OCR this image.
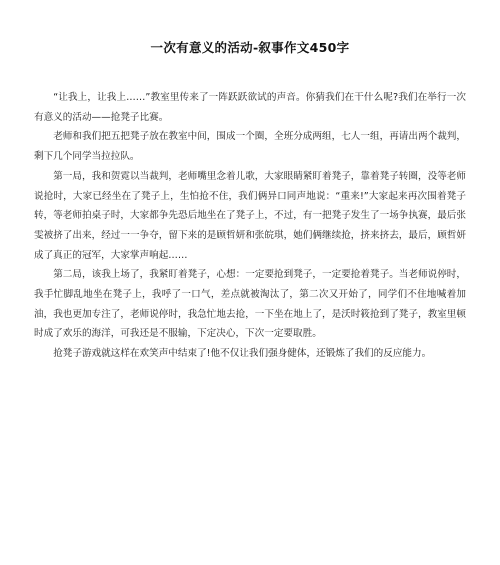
一次有意义的活动-叙事作文450字

“让我上，让我上……”教室里传来了一阵跃跃欲试的声音。你猜我们在干什么呢?我们在举行一次有意义的活动——抢凳子比赛。

老师和我们把五把凳子放在教室中间，围成一个圈，全班分成两组，七人一组，再请出两个裁判，剩下几个同学当拉拉队。

第一局，我和贺霓以当裁判，老师嘴里念着儿歌，大家眼睛紧盯着凳子，靠着凳子转圈，没等老师说抢时，大家已经坐在了凳子上，生怕抢不住，我们俩异口同声地说：“重来!”大家起来再次围着凳子转，等老师拍桌子时，大家都争先恐后地坐在了凳子上，不过，有一把凳子发生了一场争执赛，最后张雯被挤了出来，经过一一争夺，留下来的是顾哲妍和张皖琪，她们俩继续抢，挤来挤去，最后，顾哲妍成了真正的冠军，大家掌声响起……

第二局，该我上场了，我紧盯着凳子，心想：一定要抢到凳子，一定要抢着凳子。当老师说停时，我手忙脚乱地坐在凳子上，我呼了一口气，差点就被淘汰了，第二次又开始了，同学们不住地喊着加油，我也更加专注了，老师说停时，我急忙地去抢，一下坐在地上了，是沃时筱抢到了凳子，教室里顿时成了欢乐的海洋，可我还是不服输，下定决心，下次一定要取胜。

抢凳子游戏就这样在欢笑声中结束了!他不仅让我们强身健体，还锻炼了我们的反应能力。
